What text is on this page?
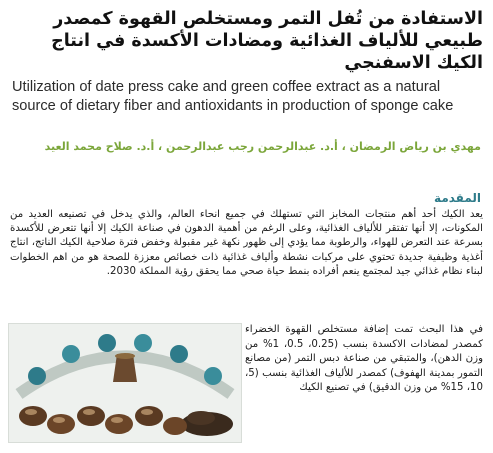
الاستفادة من تُفل التمر ومستخلص القهوة كمصدر طبيعي للألياف الغذائية ومضادات الأكسدة في انتاج الكيك الاسفنجي
Utilization of date press cake and green coffee extract as a natural source of dietary fiber and antioxidants in production of sponge cake
مهدي بن رياض الرمضان ، أ.د. عبدالرحمن رجب عبدالرحمن ، أ.د. صلاح محمد العيد
المقدمة

يعد الكيك أحد أهم منتجات المخابز التي تستهلك في جميع انحاء العالم، والذي يدخل في تصنيعه العديد من المكونات، إلا أنها تفتقر للألياف الغذائية، وعلى الرغم من أهمية الدهون في صناعة الكيك إلا أنها تتعرض للأكسدة بسرعة عند التعرض للهواء، والرطوبة مما يؤدي إلى ظهور نكهة غير مقبولة وخفض فترة صلاحية الكيك الناتج، انتاج أغذية وظيفية جديدة تحتوي على مركبات نشطة وألياف غذائية ذات خصائص معززة للصحة هو من اهم الخطوات لبناء نظام غذائي جيد لمجتمع ينعم أفراده بنمط حياة صحي مما يحقق رؤية المملكة 2030.

في هذا البحث تمت إضافة مستخلص القهوة الخضراء كمصدر لمضادات الاكسدة بنسب (0.25، 0.5، 1% من وزن الدهن)، والمتبقي من صناعة دبس التمر (من مصانع التمور بمدينة الهفوف) كمصدر للألياف الغذائية بنسب (5، 10، 15% من وزن الدقيق) في تصنيع الكيك
